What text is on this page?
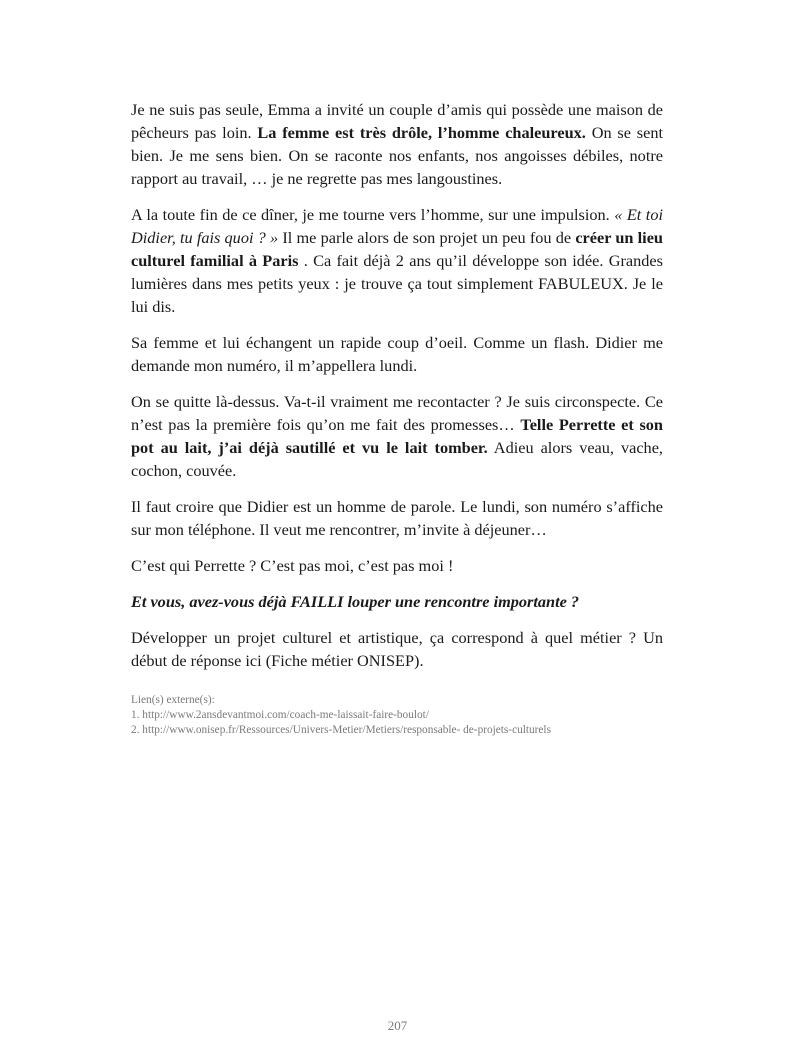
Je ne suis pas seule, Emma a invité un couple d’amis qui possède une maison de pêcheurs pas loin. La femme est très drôle, l’homme chaleureux. On se sent bien. Je me sens bien. On se raconte nos enfants, nos angoisses débiles, notre rapport au travail, … je ne regrette pas mes langoustines.

A la toute fin de ce dîner, je me tourne vers l’homme, sur une impulsion. « Et toi Didier, tu fais quoi ? » Il me parle alors de son projet un peu fou de créer un lieu culturel familial à Paris . Ca fait déjà 2 ans qu’il développe son idée. Grandes lumières dans mes petits yeux : je trouve ça tout simplement FABULEUX. Je le lui dis.

Sa femme et lui échangent un rapide coup d’oeil. Comme un flash. Didier me demande mon numéro, il m’appellera lundi.

On se quitte là-dessus. Va-t-il vraiment me recontacter ? Je suis circonspecte. Ce n’est pas la première fois qu’on me fait des promesses… Telle Perrette et son pot au lait, j’ai déjà sautillé et vu le lait tomber. Adieu alors veau, vache, cochon, couvée.

Il faut croire que Didier est un homme de parole. Le lundi, son numéro s’affiche sur mon téléphone. Il veut me rencontrer, m’invite à déjeuner…

C’est qui Perrette ? C’est pas moi, c’est pas moi !

Et vous, avez-vous déjà FAILLI louper une rencontre importante ?

Développer un projet culturel et artistique, ça correspond à quel métier ? Un début de réponse ici (Fiche métier ONISEP).

Lien(s) externe(s):
1. http://www.2ansdevantmoi.com/coach-me-laissait-faire-boulot/
2. http://www.onisep.fr/Ressources/Univers-Metier/Metiers/responsable- de-projets-culturels
207
